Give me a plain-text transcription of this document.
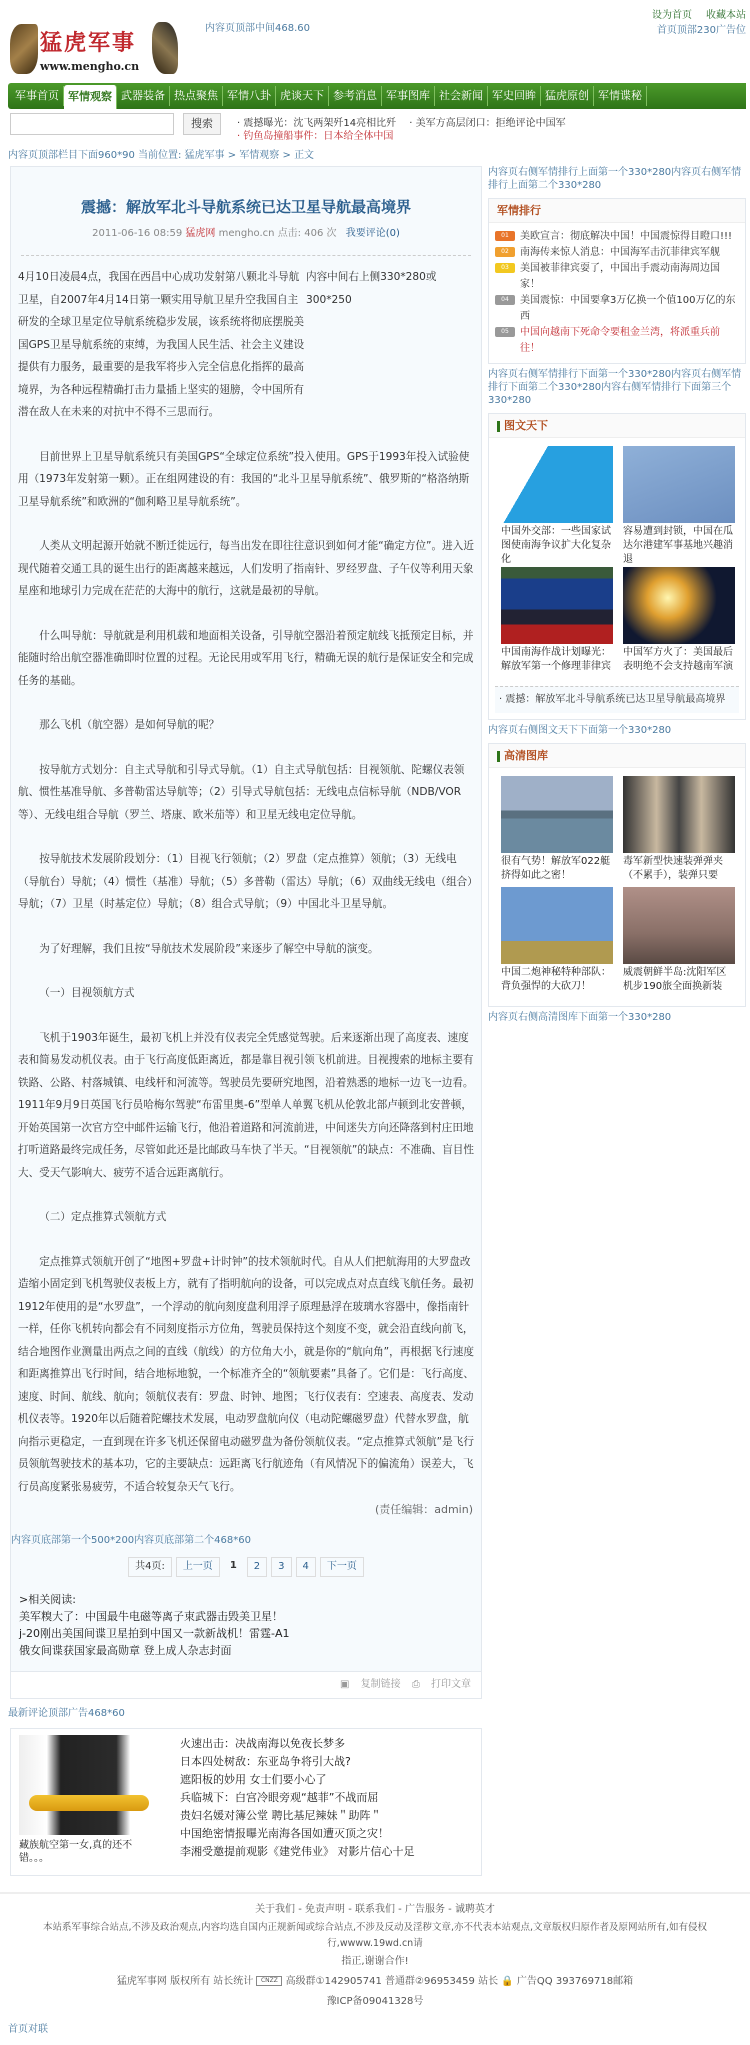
猛虎军事
www.mengho.cn
内容页顶部中间468.60
设为首页 收藏本站
首页顶部230广告位
军事首页 军情观察 武器装备 热点聚焦 军情八卦 虎谈天下 参考消息 军事图库 社会新闻 军史回眸 猛虎原创 军情谍秘
搜索	· 震撼曝光：沈飞两架歼14亮相比歼 · 美军方高层闭口：拒绝评论中国军 · 钓鱼岛撞船事件：日本给全体中国
内容页顶部栏目下面960*90 当前位置: 猛虎军事 > 军情观察 > 正文
震撼：解放军北斗导航系统已达卫星导航最高境界
2011-06-16 08:59 猛虎网 mengho.cn 点击: 406 次 我要评论(0)

内容中间右上侧330*280或300*250
4月10日凌晨4点，我国在西昌中心成功发射第八颗北斗导航卫星，自2007年4月14日第一颗实用导航卫星升空我国自主研发的全球卫星定位导航系统稳步发展，该系统将彻底摆脱美国GPS卫星导航系统的束缚，为我国人民生活、社会主义建设提供有力服务，最重要的是我军将步入完全信息化指挥的最高境界，为各种远程精确打击力量插上坚实的翅膀，令中国所有潜在敌人在未来的对抗中不得不三思而行。

目前世界上卫星导航系统只有美国GPS“全球定位系统”投入使用。GPS于1993年投入试验使用（1973年发射第一颗）。正在组网建设的有：我国的“北斗卫星导航系统”、俄罗斯的“格洛纳斯卫星导航系统”和欧洲的“伽利略卫星导航系统”。

人类从文明起源开始就不断迁徙远行，每当出发在即往往意识到如何才能“确定方位”。进入近现代随着交通工具的诞生出行的距离越来越远，人们发明了指南针、罗经罗盘、子午仪等利用天象星座和地球引力完成在茫茫的大海中的航行，这就是最初的导航。

什么叫导航：导航就是利用机载和地面相关设备，引导航空器沿着预定航线飞抵预定目标，并能随时给出航空器准确即时位置的过程。无论民用或军用飞行，精确无误的航行是保证安全和完成任务的基础。

那么飞机（航空器）是如何导航的呢？

按导航方式划分：自主式导航和引导式导航。（1）自主式导航包括：目视领航、陀螺仪表领航、惯性基准导航、多普勒雷达导航等；（2）引导式导航包括：无线电点信标导航（NDB/VOR等）、无线电组合导航（罗兰、塔康、欧米茄等）和卫星无线电定位导航。

按导航技术发展阶段划分：（1）目视飞行领航；（2）罗盘（定点推算）领航；（3）无线电（导航台）导航；（4）惯性（基准）导航；（5）多普勒（雷达）导航；（6）双曲线无线电（组合）导航；（7）卫星（时基定位）导航；（8）组合式导航；（9）中国北斗卫星导航。

为了好理解，我们且按“导航技术发展阶段”来逐步了解空中导航的演变。

（一）目视领航方式

飞机于1903年诞生，最初飞机上并没有仪表完全凭感觉驾驶。后来逐渐出现了高度表、速度表和简易发动机仪表。由于飞行高度低距离近，都是靠目视引领飞机前进。目视搜索的地标主要有铁路、公路、村落城镇、电线杆和河流等。驾驶员先要研究地图，沿着熟悉的地标一边飞一边看。1911年9月9日英国飞行员哈梅尔驾驶“布雷里奥-6”型单人单翼飞机从伦敦北部卢顿到北安普顿，开始英国第一次官方空中邮件运输飞行，他沿着道路和河流前进，中间迷失方向还降落到村庄田地打听道路最终完成任务，尽管如此还是比邮政马车快了半天。“目视领航”的缺点：不准确、盲目性大、受天气影响大、疲劳不适合远距离航行。

（二）定点推算式领航方式

定点推算式领航开创了“地图+罗盘+计时钟”的技术领航时代。自从人们把航海用的大罗盘改造缩小固定到飞机驾驶仪表板上方，就有了指明航向的设备，可以完成点对点直线飞航任务。最初1912年使用的是“水罗盘”，一个浮动的航向刻度盘利用浮子原理悬浮在玻璃水容器中，像指南针一样，任你飞机转向都会有不同刻度指示方位角，驾驶员保持这个刻度不变，就会沿直线向前飞，结合地图作业测量出两点之间的直线（航线）的方位角大小，就是你的“航向角”，再根据飞行速度和距离推算出飞行时间，结合地标地貌，一个标准齐全的“领航要素”具备了。它们是：飞行高度、速度、时间、航线、航向；领航仪表有：罗盘、时钟、地图；飞行仪表有：空速表、高度表、发动机仪表等。1920年以后随着陀螺技术发展，电动罗盘航向仪（电动陀螺磁罗盘）代替水罗盘，航向指示更稳定，一直到现在许多飞机还保留电动磁罗盘为备份领航仪表。“定点推算式领航”是飞行员领航驾驶技术的基本功，它的主要缺点：远距离飞行航迹角（有风情况下的偏流角）误差大，飞行员高度紧张易疲劳，不适合较复杂天气飞行。

(责任编辑：admin)
内容页底部第一个500*200内容页底部第二个468*60
共4页:	上一页	1	2	3	4	下一页
>相关阅读:
美军糗大了：中国最牛电磁等离子束武器击毁美卫星！
j-20刚出美国间谍卫星拍到中国又一款新战机！雷霆-A1
俄女间谍获国家最高勋章 登上成人杂志封面
▣ 复制链接 ⎙ 打印文章
最新评论顶部广告468*60
藏族航空第一女,真的还不错。。。
火速出击：决战南海以免夜长梦多
日本四处树敌：东亚岛争将引大战?
遮阳板的妙用 女士们要小心了
兵临城下：白宫冷眼旁观“越菲”不战而屈
贵妇名媛对簿公堂 聘比基尼辣妹＂助阵＂
中国绝密情报曝光南海各国如遭灭顶之灾！
李湘受邀提前观影《建党伟业》 对影片信心十足
内容页右侧军情排行上面第一个330*280内容页右侧军情排行上面第二个330*280
军情排行
01 美欧宣言：彻底解决中国！中国震惊得目瞪口!!!
02 南海传来惊人消息：中国海军击沉菲律宾军舰
03 美国被菲律宾耍了，中国出手震动南海周边国家！
04 美国震惊：中国要拿3万亿换一个值100万亿的东西
05 中国向越南下死命令要租金兰湾，将派重兵前往！
内容页右侧军情排行下面第一个330*280内容页右侧军情排行下面第二个330*280内容右侧军情排行下面第三个330*280
图文天下
中国外交部：一些国家试图使南海争议扩大化复杂化
容易遭到封锁，中国在瓜达尔港建军事基地兴趣消退
中国南海作战计划曝光：解放军第一个修理菲律宾
中国军方火了：美国最后表明绝不会支持越南军演
· 震撼：解放军北斗导航系统已达卫星导航最高境界
内容页右侧图文天下下面第一个330*280
高清图库
很有气势！解放军022艇挤得如此之密！
毒军新型快速装弹弹夹（不累手），装弹只要
中国二炮神秘特种部队：背负强悍的大砍刀！
威震朝鲜半岛:沈阳军区机步190旅全面换新装
内容页右侧高清图库下面第一个330*280
关于我们 - 免责声明 - 联系我们 - 广告服务 - 诚聘英才
本站系军事综合站点,不涉及政治观点,内容均选自国内正规新闻或综合站点,不涉及反动及淫秽文章,亦不代表本站观点,文章版权归原作者及原网站所有,如有侵权行,wwww.19wd.cn请
指正,谢谢合作!
猛虎军事网 版权所有 站长统计 CNZZ 高级群①142905741 普通群②96953459 站长 🔒 广告QQ 393769718邮箱
豫ICP备09041328号
首页对联
